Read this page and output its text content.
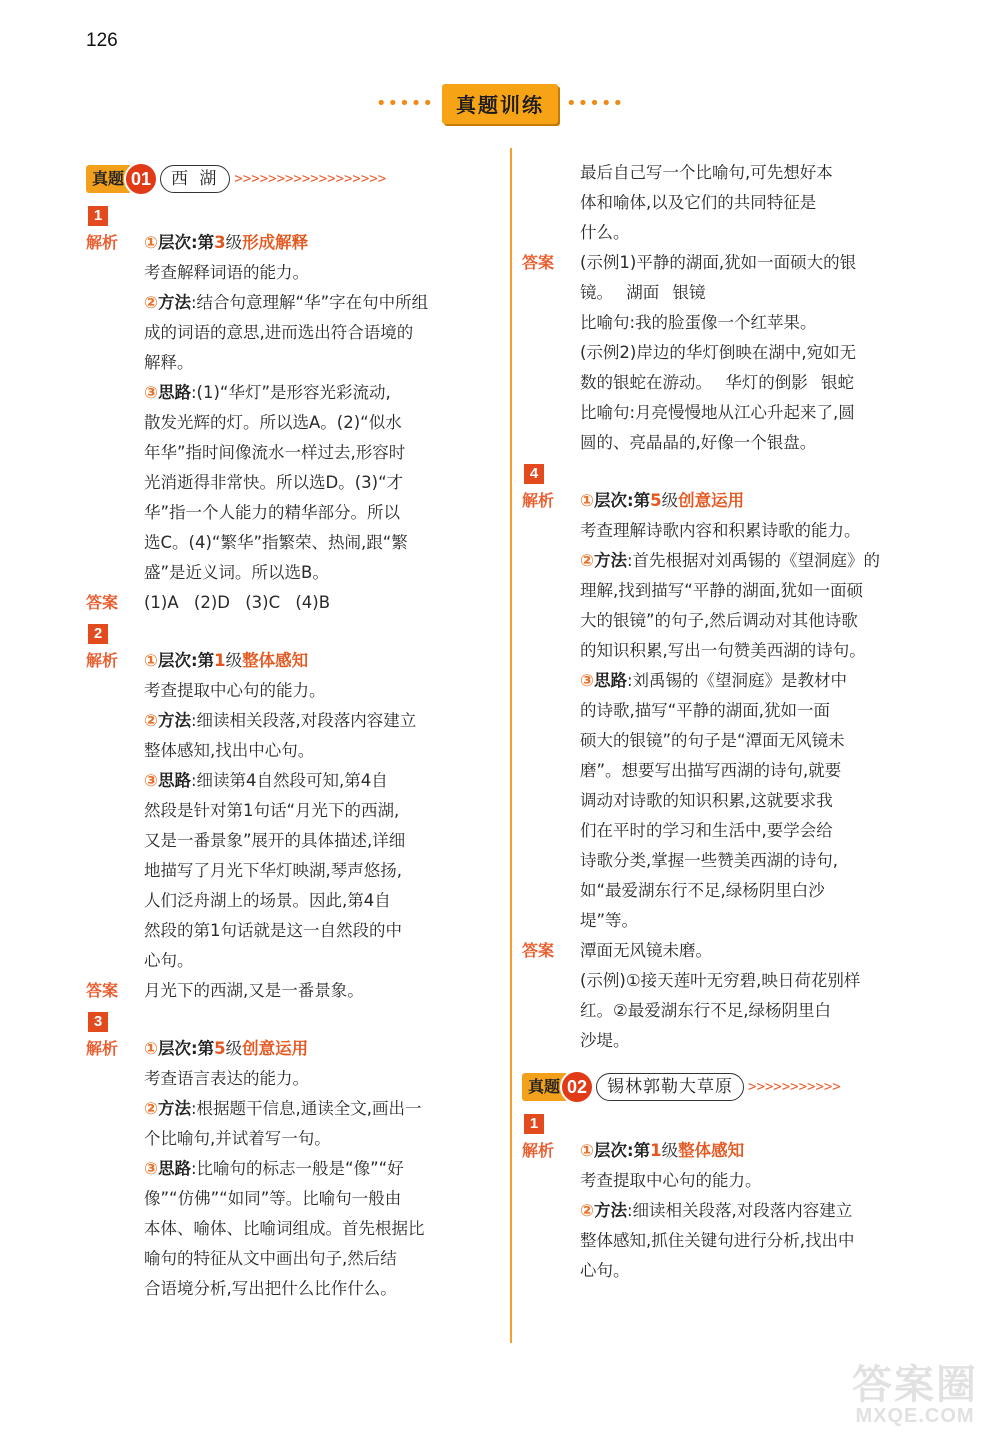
126
•••••	真题训练	•••••
真题 01	西 湖	>>>>>>>>>>>>>>>>>>
1
解析	①层次:第3级形成解释
考查解释词语的能力。
②方法:结合句意理解“华”字在句中所组
成的词语的意思,进而选出符合语境的
解释。
③思路:(1)“华灯”是形容光彩流动,
散发光辉的灯。所以选A。(2)“似水
年华”指时间像流水一样过去,形容时
光消逝得非常快。所以选D。(3)“才
华”指一个人能力的精华部分。所以
选C。(4)“繁华”指繁荣、热闹,跟“繁
盛”是近义词。所以选B。
答案	(1)A (2)D (3)C (4)B
2
解析	①层次:第1级整体感知
考查提取中心句的能力。
②方法:细读相关段落,对段落内容建立
整体感知,找出中心句。
③思路:细读第4自然段可知,第4自
然段是针对第1句话“月光下的西湖,
又是一番景象”展开的具体描述,详细
地描写了月光下华灯映湖,琴声悠扬,
人们泛舟湖上的场景。因此,第4自
然段的第1句话就是这一自然段的中
心句。
答案	月光下的西湖,又是一番景象。
3
解析	①层次:第5级创意运用
考查语言表达的能力。
②方法:根据题干信息,通读全文,画出一
个比喻句,并试着写一句。
③思路:比喻句的标志一般是“像”“好
像”“仿佛”“如同”等。比喻句一般由
本体、喻体、比喻词组成。首先根据比
喻句的特征从文中画出句子,然后结
合语境分析,写出把什么比作什么。
最后自己写一个比喻句,可先想好本
体和喻体,以及它们的共同特征是
什么。
答案	(示例1)平静的湖面,犹如一面硕大的银
镜。 湖面 银镜
比喻句:我的脸蛋像一个红苹果。
(示例2)岸边的华灯倒映在湖中,宛如无
数的银蛇在游动。 华灯的倒影 银蛇
比喻句:月亮慢慢地从江心升起来了,圆
圆的、亮晶晶的,好像一个银盘。
4
解析	①层次:第5级创意运用
考查理解诗歌内容和积累诗歌的能力。
②方法:首先根据对刘禹锡的《望洞庭》的
理解,找到描写“平静的湖面,犹如一面硕
大的银镜”的句子,然后调动对其他诗歌
的知识积累,写出一句赞美西湖的诗句。
③思路:刘禹锡的《望洞庭》是教材中
的诗歌,描写“平静的湖面,犹如一面
硕大的银镜”的句子是“潭面无风镜未
磨”。想要写出描写西湖的诗句,就要
调动对诗歌的知识积累,这就要求我
们在平时的学习和生活中,要学会给
诗歌分类,掌握一些赞美西湖的诗句,
如“最爱湖东行不足,绿杨阴里白沙
堤”等。
答案	潭面无风镜未磨。
(示例)①接天莲叶无穷碧,映日荷花别样
红。②最爱湖东行不足,绿杨阴里白
沙堤。
真题 02	锡林郭勒大草原	>>>>>>>>>>>
1
解析	①层次:第1级整体感知
考查提取中心句的能力。
②方法:细读相关段落,对段落内容建立
整体感知,抓住关键句进行分析,找出中
心句。
答案圈
MXQE.COM
